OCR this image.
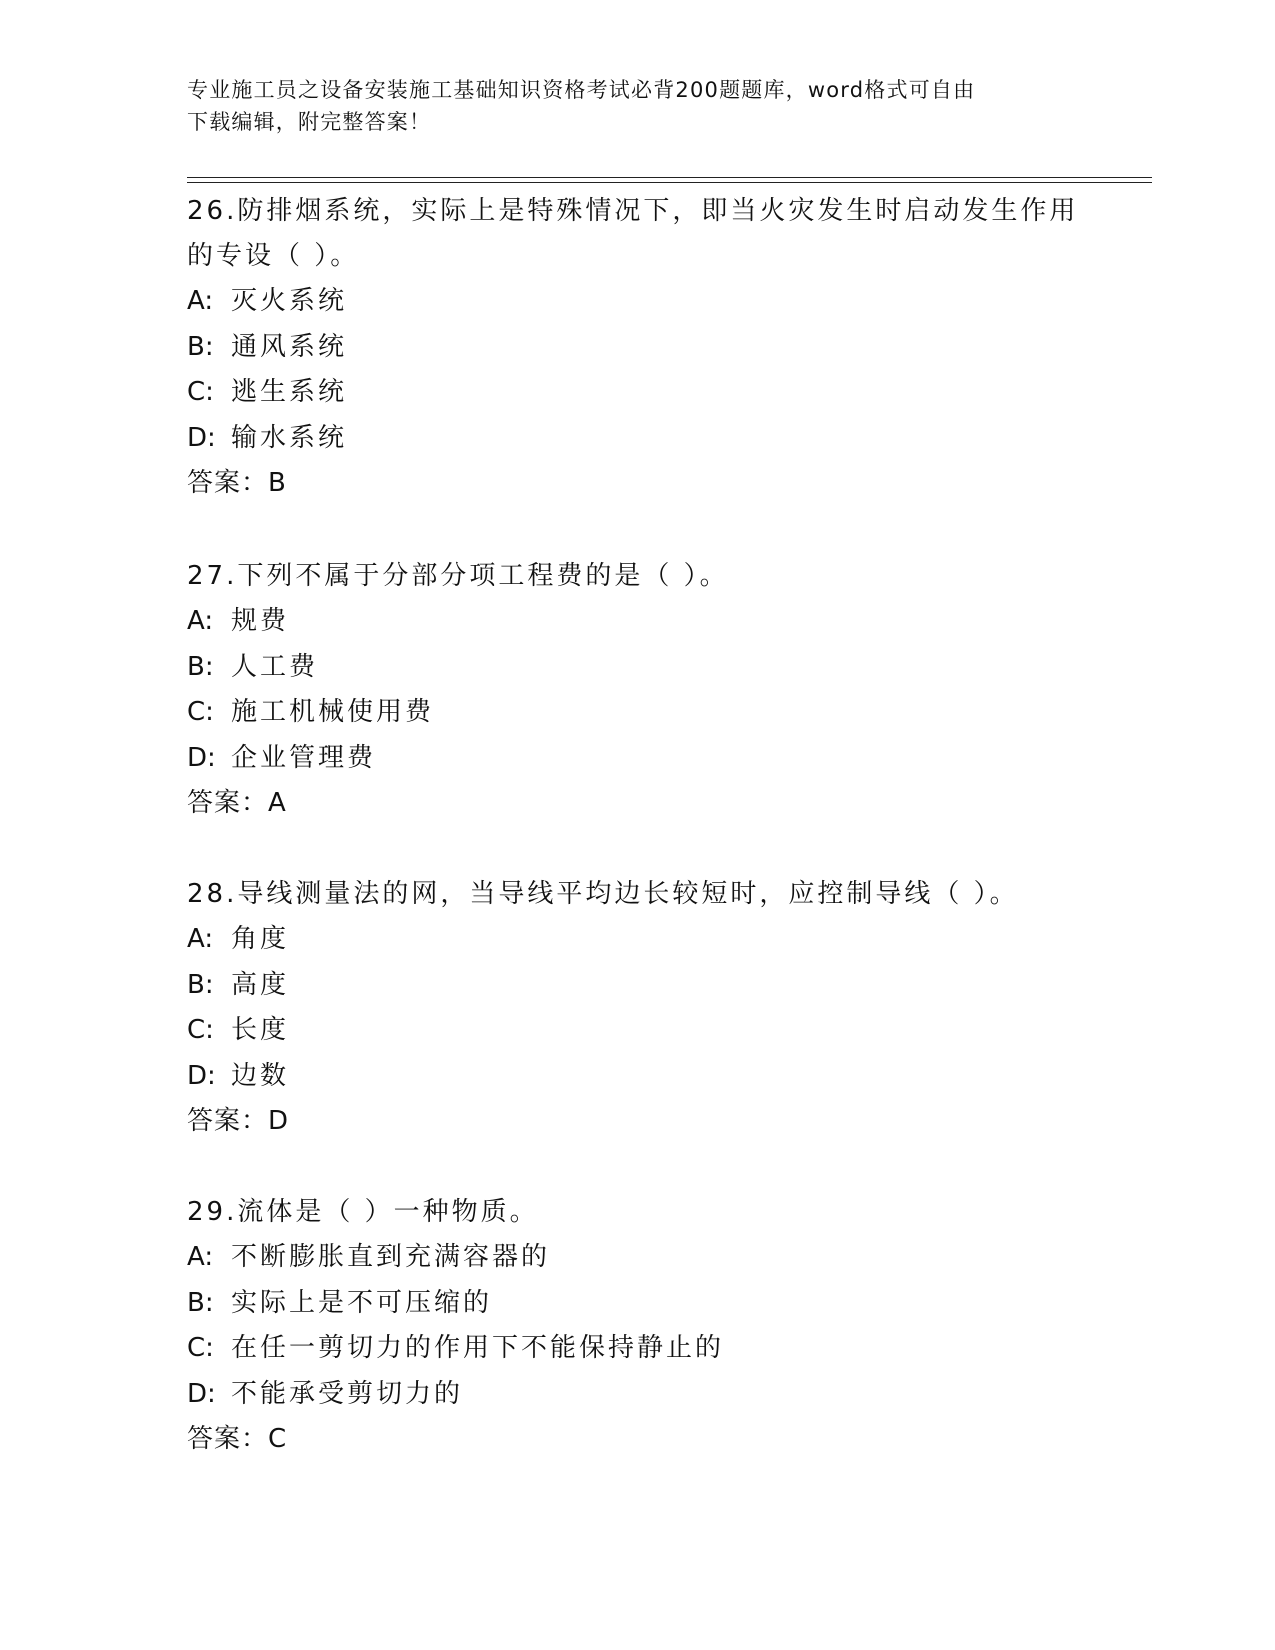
专业施工员之设备安装施工基础知识资格考试必背200题题库，word格式可自由
下载编辑，附完整答案！
26.防排烟系统，实际上是特殊情况下，即当火灾发生时启动发生作用
的专设（ ）。
A: 灭火系统
B: 通风系统
C: 逃生系统
D: 输水系统
答案：B
27.下列不属于分部分项工程费的是（ ）。
A: 规费
B: 人工费
C: 施工机械使用费
D: 企业管理费
答案：A
28.导线测量法的网，当导线平均边长较短时，应控制导线（ ）。
A: 角度
B: 高度
C: 长度
D: 边数
答案：D
29.流体是（ ）一种物质。
A: 不断膨胀直到充满容器的
B: 实际上是不可压缩的
C: 在任一剪切力的作用下不能保持静止的
D: 不能承受剪切力的
答案：C
